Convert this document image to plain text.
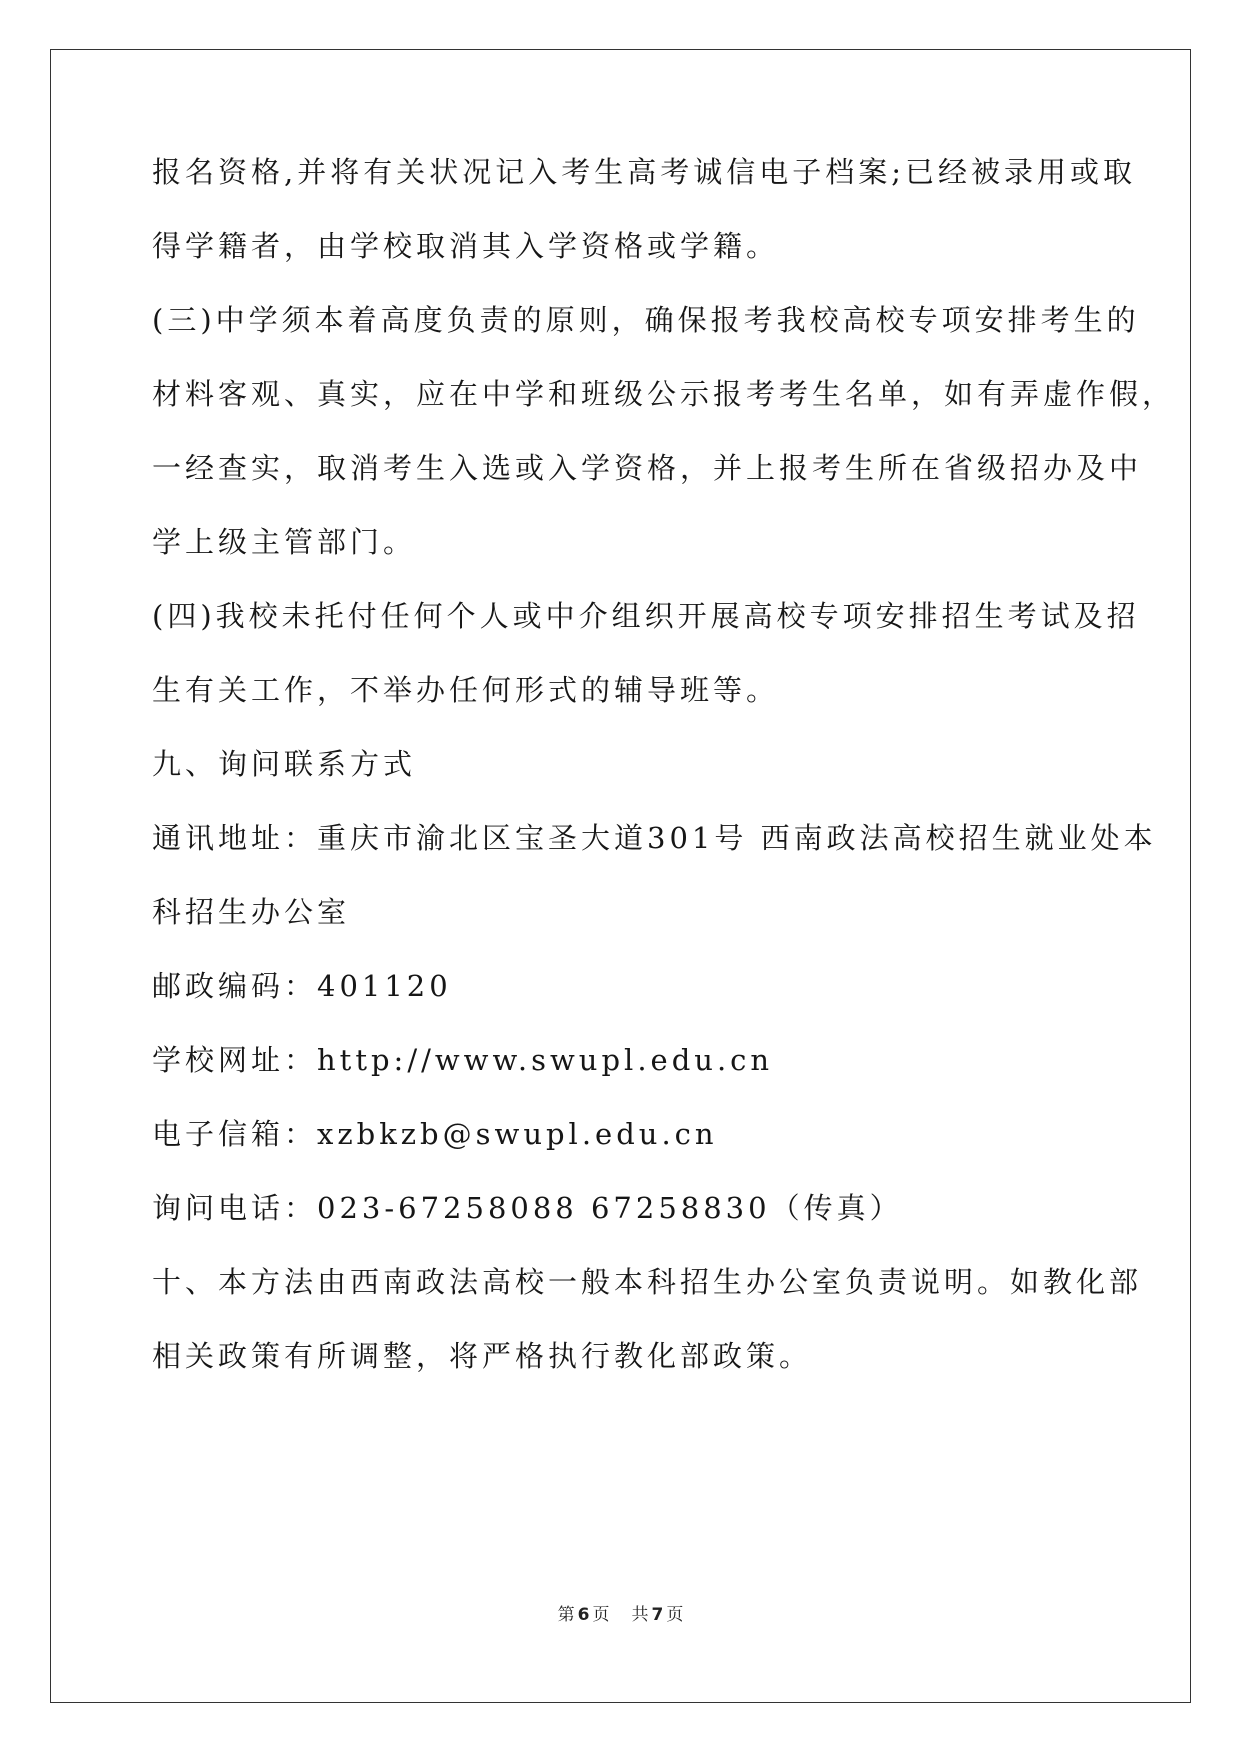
报名资格,并将有关状况记入考生高考诚信电子档案;已经被录用或取
得学籍者，由学校取消其入学资格或学籍。
(三)中学须本着高度负责的原则，确保报考我校高校专项安排考生的
材料客观、真实，应在中学和班级公示报考考生名单，如有弄虚作假，
一经查实，取消考生入选或入学资格，并上报考生所在省级招办及中
学上级主管部门。
(四)我校未托付任何个人或中介组织开展高校专项安排招生考试及招
生有关工作，不举办任何形式的辅导班等。
九、询问联系方式
通讯地址：重庆市渝北区宝圣大道301号 西南政法高校招生就业处本
科招生办公室
邮政编码：401120
学校网址：http://www.swupl.edu.cn
电子信箱：xzbkzb@swupl.edu.cn
询问电话：023-67258088 67258830（传真）
十、本方法由西南政法高校一般本科招生办公室负责说明。如教化部
相关政策有所调整，将严格执行教化部政策。
第 6 页 共 7 页
